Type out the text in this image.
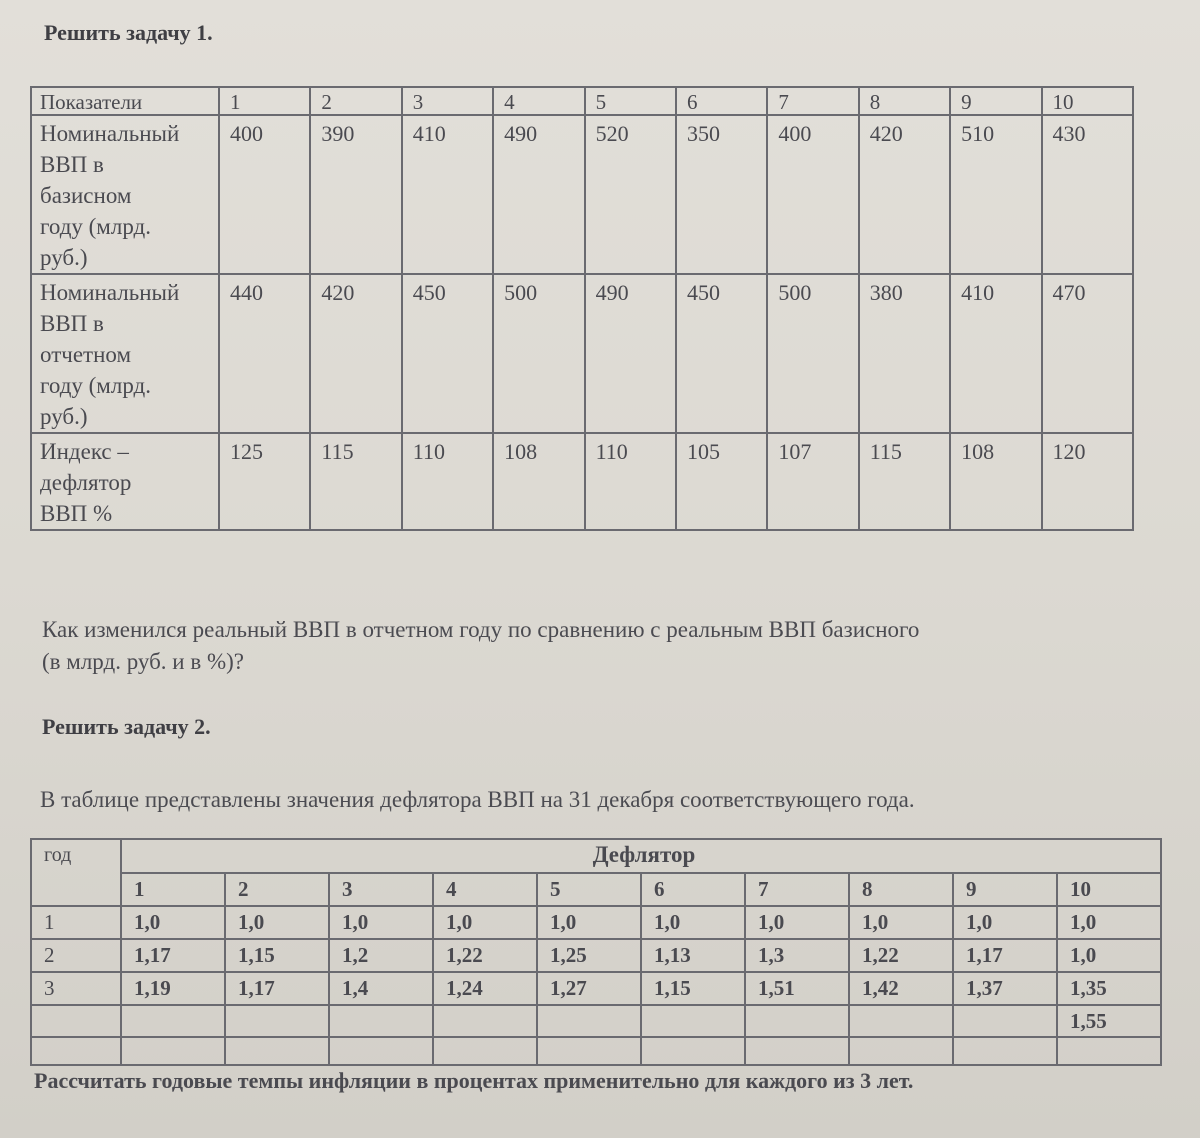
Решить задачу 1.
Показатели	1	2	3	4	5	6	7	8	9	10

Номинальный
ВВП в
базисном
году (млрд.
руб.)	400	390	410	490	520	350	400	420	510	430

Номинальный
ВВП в
отчетном
году (млрд.
руб.)	440	420	450	500	490	450	500	380	410	470

Индекс –
дефлятор
ВВП %	125	115	110	108	110	105	107	115	108	120
Как изменился реальный ВВП в отчетном году по сравнению с реальным ВВП базисного
(в млрд. руб. и в %)?
Решить задачу 2.
В таблице представлены значения дефлятора ВВП на 31 декабря соответствующего года.
год	Дефлятор									
	1	2	3	4	5	6	7	8	9	10
1	1,0	1,0	1,0	1,0	1,0	1,0	1,0	1,0	1,0	1,0
2	1,17	1,15	1,2	1,22	1,25	1,13	1,3	1,22	1,17	1,0
3	1,19	1,17	1,4	1,24	1,27	1,15	1,51	1,42	1,37	1,35
										1,55

Рассчитать годовые темпы инфляции в процентах применительно для каждого из 3 лет.
